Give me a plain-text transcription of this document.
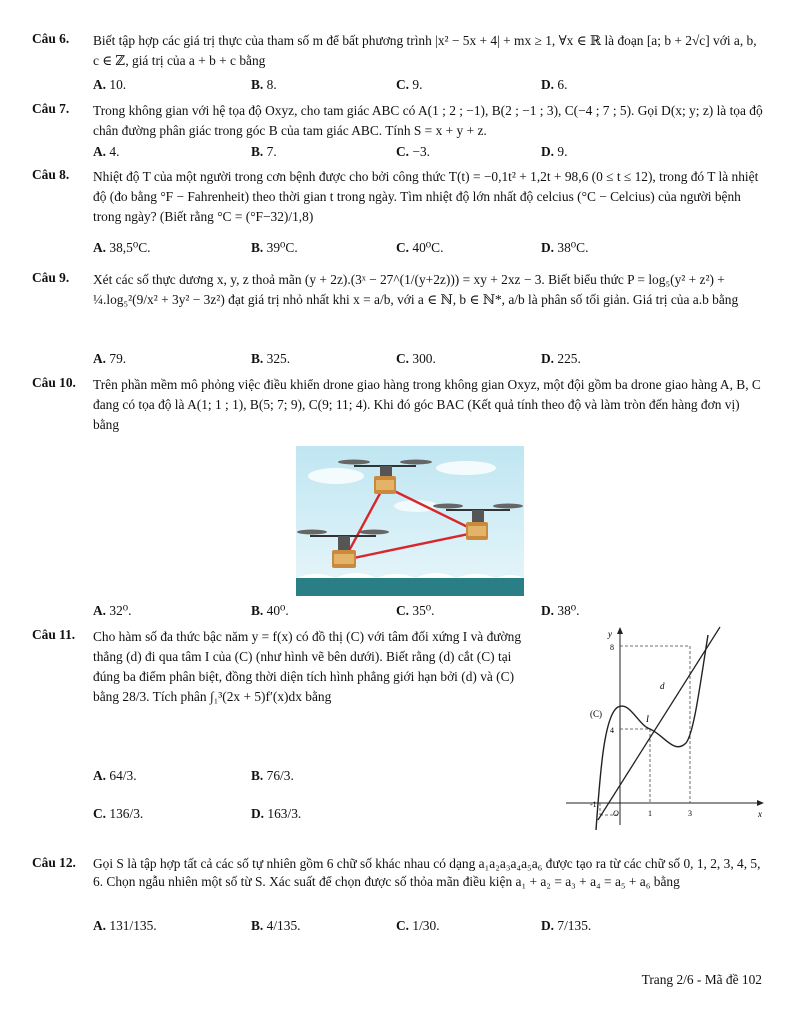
Câu 6. Biết tập hợp các giá trị thực của tham số m để bất phương trình |x² − 5x + 4| + mx ≥ 1, ∀x ∈ ℝ là đoạn [a; b + 2√c] với a, b, c ∈ ℤ, giá trị của a + b + c bằng
A. 10.	B. 8.	C. 9.	D. 6.
Câu 7. Trong không gian với hệ tọa độ Oxyz, cho tam giác ABC có A(1 ; 2 ; −1), B(2 ; −1 ; 3), C(−4 ; 7 ; 5). Gọi D(x; y; z) là tọa độ chân đường phân giác trong góc B của tam giác ABC. Tính S = x + y + z.
A. 4.	B. 7.	C. −3.	D. 9.
Câu 8. Nhiệt độ T của một người trong cơn bệnh được cho bởi công thức T(t) = −0,1t² + 1,2t + 98,6 (0 ≤ t ≤ 12), trong đó T là nhiệt độ (đo bằng °F − Fahrenheit) theo thời gian t trong ngày. Tìm nhiệt độ lớn nhất độ celcius (°C − Celcius) của người bệnh trong ngày? (Biết rằng °C = (°F−32)/1,8)
A. 38,5⁰C.	B. 39⁰C.	C. 40⁰C.	D. 38⁰C.
Câu 9. Xét các số thực dương x, y, z thoả mãn (y + 2z).(3ˣ − 27^(1/(y+2z))) = xy + 2xz − 3. Biết biểu thức P = log₅(y² + z²) + ¼.log₅²(9/x² + 3y² − 3z²) đạt giá trị nhỏ nhất khi x = a/b, với a ∈ ℕ, b ∈ ℕ*, a/b là phân số tối giản. Giá trị của a.b bằng
A. 79.	B. 325.	C. 300.	D. 225.
Câu 10. Trên phần mềm mô phỏng việc điều khiển drone giao hàng trong không gian Oxyz, một đội gồm ba drone giao hàng A, B, C đang có tọa độ là A(1; 1 ; 1), B(5; 7; 9), C(9; 11; 4). Khi đó góc BAC (Kết quả tính theo độ và làm tròn đến hàng đơn vị) bằng
A. 32⁰.	B. 40⁰.	C. 35⁰.	D. 38⁰.
Câu 11. Cho hàm số đa thức bậc năm y = f(x) có đồ thị (C) với tâm đối xứng I và đường thẳng (d) đi qua tâm I của (C) (như hình vẽ bên dưới). Biết rằng (d) cắt (C) tại đúng ba điểm phân biệt, đồng thời diện tích hình phẳng giới hạn bởi (d) và (C) bằng 28/3. Tích phân ∫₁³(2x + 5)f′(x)dx bằng
A. 64/3.	B. 76/3.
C. 136/3.	D. 163/3.
y
x
8
4
-1
O	1	3
(C)
d
I
Câu 12. Gọi S là tập hợp tất cả các số tự nhiên gồm 6 chữ số khác nhau có dạng a₁a₂a₃a₄a₅a₆ được tạo ra từ các chữ số 0, 1, 2, 3, 4, 5, 6. Chọn ngẫu nhiên một số từ S. Xác suất để chọn được số thỏa mãn điều kiện a₁ + a₂ = a₃ + a₄ = a₅ + a₆ bằng
A. 131/135.	B. 4/135.	C. 1/30.	D. 7/135.
Trang 2/6 - Mã đề 102
